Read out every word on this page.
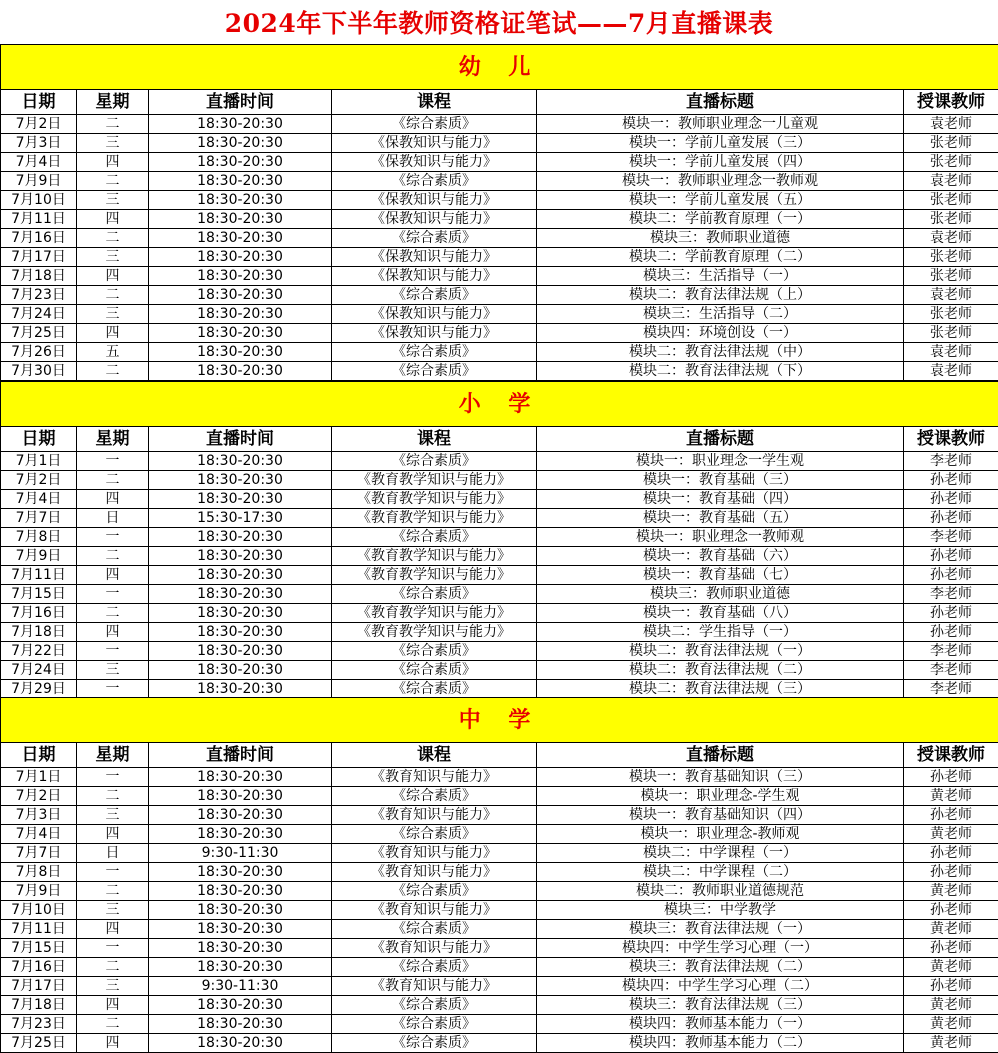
2024年下半年教师资格证笔试——7月直播课表
幼 儿					
日期	星期	直播时间	课程	直播标题	授课教师
7月2日	二	18:30-20:30	《综合素质》	模块一：教师职业理念一儿童观	袁老师
7月3日	三	18:30-20:30	《保教知识与能力》	模块一：学前儿童发展（三）	张老师
7月4日	四	18:30-20:30	《保教知识与能力》	模块一：学前儿童发展（四）	张老师
7月9日	二	18:30-20:30	《综合素质》	模块一：教师职业理念一教师观	袁老师
7月10日	三	18:30-20:30	《保教知识与能力》	模块一：学前儿童发展（五）	张老师
7月11日	四	18:30-20:30	《保教知识与能力》	模块二：学前教育原理（一）	张老师
7月16日	二	18:30-20:30	《综合素质》	模块三：教师职业道德	袁老师
7月17日	三	18:30-20:30	《保教知识与能力》	模块二：学前教育原理（二）	张老师
7月18日	四	18:30-20:30	《保教知识与能力》	模块三：生活指导（一）	张老师
7月23日	二	18:30-20:30	《综合素质》	模块二：教育法律法规（上）	袁老师
7月24日	三	18:30-20:30	《保教知识与能力》	模块三：生活指导（二）	张老师
7月25日	四	18:30-20:30	《保教知识与能力》	模块四：环境创设（一）	张老师
7月26日	五	18:30-20:30	《综合素质》	模块二：教育法律法规（中）	袁老师
7月30日	二	18:30-20:30	《综合素质》	模块二：教育法律法规（下）	袁老师
小 学					
日期	星期	直播时间	课程	直播标题	授课教师
7月1日	一	18:30-20:30	《综合素质》	模块一：职业理念一学生观	李老师
7月2日	二	18:30-20:30	《教育教学知识与能力》	模块一：教育基础（三）	孙老师
7月4日	四	18:30-20:30	《教育教学知识与能力》	模块一：教育基础（四）	孙老师
7月7日	日	15:30-17:30	《教育教学知识与能力》	模块一：教育基础（五）	孙老师
7月8日	一	18:30-20:30	《综合素质》	模块一：职业理念一教师观	李老师
7月9日	二	18:30-20:30	《教育教学知识与能力》	模块一：教育基础（六）	孙老师
7月11日	四	18:30-20:30	《教育教学知识与能力》	模块一：教育基础（七）	孙老师
7月15日	一	18:30-20:30	《综合素质》	模块三：教师职业道德	李老师
7月16日	二	18:30-20:30	《教育教学知识与能力》	模块一：教育基础（八）	孙老师
7月18日	四	18:30-20:30	《教育教学知识与能力》	模块二：学生指导（一）	孙老师
7月22日	一	18:30-20:30	《综合素质》	模块二：教育法律法规（一）	李老师
7月24日	三	18:30-20:30	《综合素质》	模块二：教育法律法规（二）	李老师
7月29日	一	18:30-20:30	《综合素质》	模块二：教育法律法规（三）	李老师
中 学					
日期	星期	直播时间	课程	直播标题	授课教师
7月1日	一	18:30-20:30	《教育知识与能力》	模块一：教育基础知识（三）	孙老师
7月2日	二	18:30-20:30	《综合素质》	模块一：职业理念-学生观	黄老师
7月3日	三	18:30-20:30	《教育知识与能力》	模块一：教育基础知识（四）	孙老师
7月4日	四	18:30-20:30	《综合素质》	模块一：职业理念-教师观	黄老师
7月7日	日	9:30-11:30	《教育知识与能力》	模块二：中学课程（一）	孙老师
7月8日	一	18:30-20:30	《教育知识与能力》	模块二：中学课程（二）	孙老师
7月9日	二	18:30-20:30	《综合素质》	模块二：教师职业道德规范	黄老师
7月10日	三	18:30-20:30	《教育知识与能力》	模块三：中学教学	孙老师
7月11日	四	18:30-20:30	《综合素质》	模块三：教育法律法规（一）	黄老师
7月15日	一	18:30-20:30	《教育知识与能力》	模块四：中学生学习心理（一）	孙老师
7月16日	二	18:30-20:30	《综合素质》	模块三：教育法律法规（二）	黄老师
7月17日	三	9:30-11:30	《教育知识与能力》	模块四：中学生学习心理（二）	孙老师
7月18日	四	18:30-20:30	《综合素质》	模块三：教育法律法规（三）	黄老师
7月23日	二	18:30-20:30	《综合素质》	模块四：教师基本能力（一）	黄老师
7月25日	四	18:30-20:30	《综合素质》	模块四：教师基本能力（二）	黄老师
